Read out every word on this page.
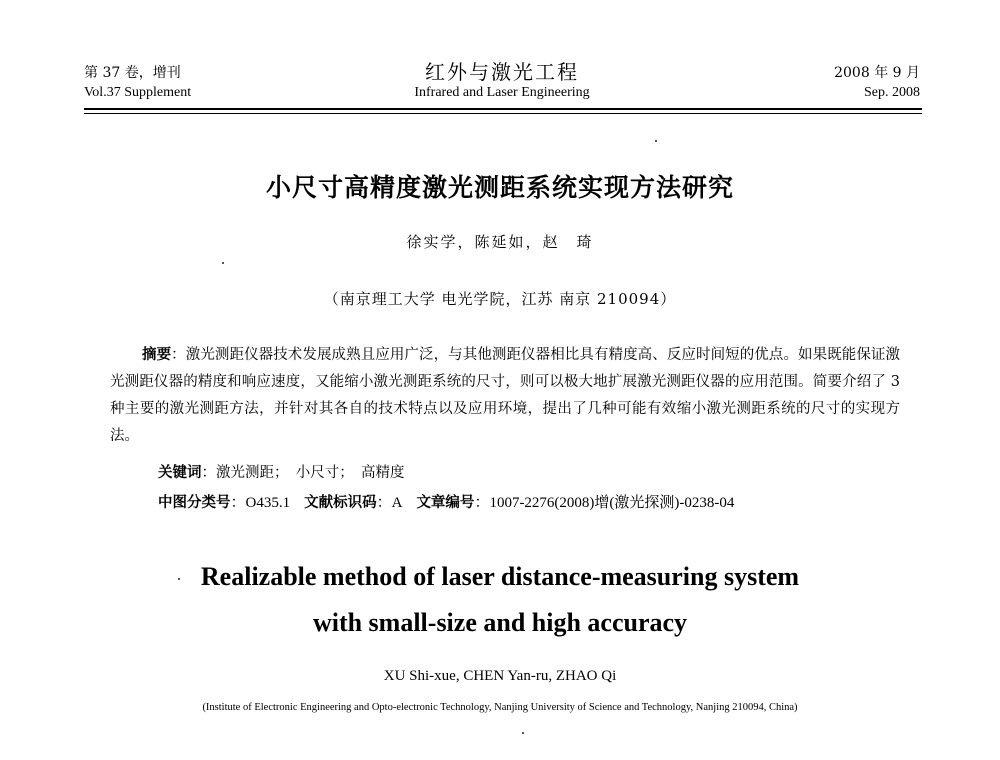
第 37 卷，增刊
Vol.37 Supplement
红外与激光工程
Infrared and Laser Engineering
2008 年 9 月
Sep. 2008
小尺寸高精度激光测距系统实现方法研究
徐实学，陈延如，赵　琦
（南京理工大学 电光学院，江苏 南京 210094）
摘要：激光测距仪器技术发展成熟且应用广泛，与其他测距仪器相比具有精度高、反应时间短的优点。如果既能保证激光测距仪器的精度和响应速度，又能缩小激光测距系统的尺寸，则可以极大地扩展激光测距仪器的应用范围。简要介绍了 3 种主要的激光测距方法，并针对其各自的技术特点以及应用环境，提出了几种可能有效缩小激光测距系统的尺寸的实现方法。
关键词：激光测距；　小尺寸；　高精度
中图分类号：O435.1 文献标识码：A 文章编号：1007-2276(2008)增(激光探测)-0238-04
Realizable method of laser distance-measuring system
with small-size and high accuracy
XU Shi-xue, CHEN Yan-ru, ZHAO Qi
(Institute of Electronic Engineering and Opto-electronic Technology, Nanjing University of Science and Technology, Nanjing 210094, China)
